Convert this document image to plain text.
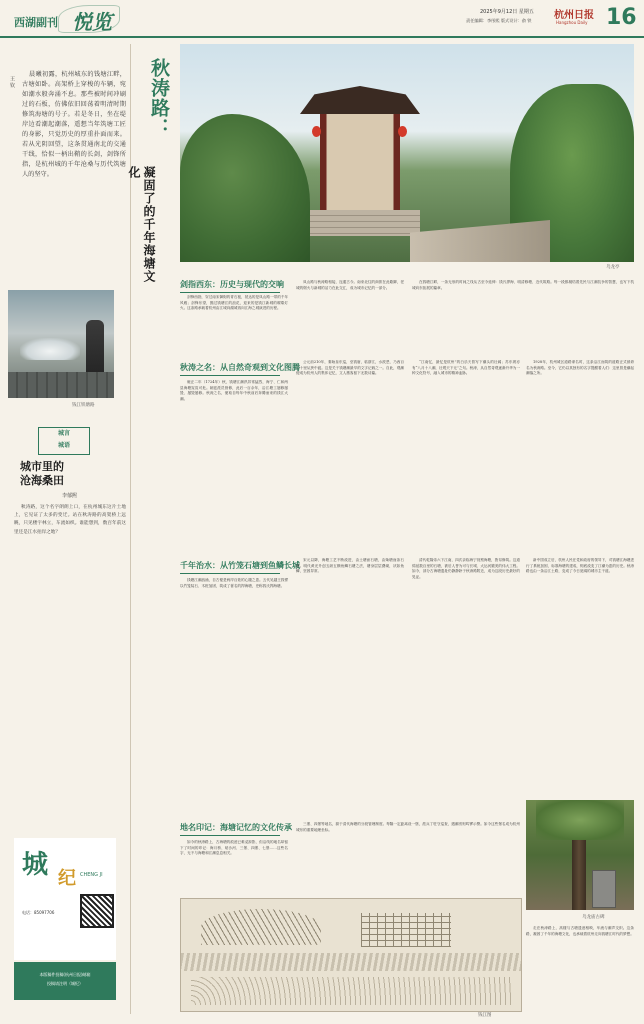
西湖副刊 悦览	2025年9月12日 星期五
责任编辑：李彤熙 版式设计：俞 铁 杭州日报
Hangzhou Daily 16
王 钦

晨曦初露，杭州城东的钱塘江畔，古塘如卧。高架桥上穿梭的车辆，宛如潮水般奔涌不息。那些被时间冲刷过的石板，仿佛依旧回荡着明清时期修筑海塘的号子。若是冬日，坐在堤岸边看潮起潮落，遥想当年筑塘工匠的身影，只觉历史的厚重扑面而来。若从光阴回望，这条贯通南北的交通干线，恰似一柄出鞘的长剑，剑锋所指，是杭州城的千年沧桑与历代筑塘人的坚守。

钱江铁塘路
城言
城语
城市里的
沧海桑田
李郁熙

秋涛路，这个名字朗朗上口，在杭州城东这片土地上，它见证了太多的变迁。站在秋涛路的高架桥上远眺，只见楼宇林立，车流如织。谁能想到，数百年前这里还是江水拍岸之地？

城 纪 CHENG JI
电话：85097706
本版稿件投稿(杭州日报)邮箱
投稿请注明（城纪）
秋涛路：
凝固了的千年海塘文化
乌龙亭
剑指西东：历史与现代的交响

剑锋西指，穿过南宋御街的青石板，抵达的是凤山路一带的千年风雅；剑锋东望，拂过钱塘江的浪花，迎来的是钱江新城的璀璨灯火。这条路承载着杭州由江城向湖城再向江海之城演进的历程。

凤山路与秋涛路相接，连通古今。南来北往的商旅在此歇脚，老城的烟火与新城的活力在此交汇，成为城市记忆的一部分。

在钱塘江畔，一条无形的时间之线从古至今延伸：钱氏捍海、明清修塘、近代筑路。每一段都凝结着先民与江潮抗争的智慧，也写下杭城向东拓展的篇章。

秋涛之名：从自然奇观到文化图腾

雍正二年（1724年）秋，钱塘江潮汛异常猛烈，海宁、仁和两县海塘岌岌可危。朝廷派员督修，此后一百余年，沿江塘工屡修屡毁、屡毁屡修。秋涛之名，便取自每年中秋前后奔腾而来的钱江大潮。

公元前210年，秦始皇东巡，至钱唐，临浙江，水波恶，乃西百二十里从狭中渡。这是关于钱塘潮最早的文字记载之一。自此，观潮便成为杭州人的集体记忆，文人墨客留下无数诗篇。

“江南忆，最忆是杭州”的白乐天曾写下潮头的壮阔；苏东坡亦有“八月十八潮，壮观天下无”之句。秋涛，从自然奇观逐渐升华为一种文化符号，融入城市的精神血脉。

1928年，杭州城区道路命名时，这条沿江而筑的道路正式被命名为秋涛路。至今，它仍以其独有的名字提醒着人们：这里曾是潮起潮落之所。

千年治水：从竹笼石塘到鱼鳞长城

钱塘江潮汹涌，自古便是两岸百姓的心腹之患。五代吴越王钱镠以竹笼装石、木桩加固，筑成了著名的捍海塘，史称钱氏捍海塘。

宋元以降，海塘工艺不断改进，由土塘而石塘，由柴塘而条石塘。明代黄光升创五纵五横鱼鳞石塘之法，塘身层层叠砌，状如鱼鳞，坚固异常。

清代乾隆帝六下江南，四次亲临海宁视察海塘，拨帑修筑。这道绵延数百里的石塘，被后人誉为可与长城、大运河媲美的伟大工程。如今，部分古海塘遗址仍静静卧于秋涛路附近，成为这段历史最好的见证。

新中国成立后，杭州人民在党和政府的领导下，对钱塘江海塘进行了系统加固，标准海塘的建成，彻底改变了江潮为患的历史。秋涛路也由一条沿江土路，变成了今日宽阔的城市主干道。

乌龙庙古碑
地名印记：海塘记忆的文化传承

如今的秋涛路上，古海塘的痕迹已难觅踪影，但沿线的地名却留下了时间的印记：海月桥、贴沙河、三堡、四堡、七堡……这些名字，无不与海塘和江潮息息相关。

三堡、四堡等地名，源于清代海塘的分段管理制度。每隔一定距离设一堡，派兵丁驻守巡查，遇潮汛则鸣锣示警。如今这些堡名成为杭州城东的重要地理坐标。

走在秋涛路上，高楼与古塘遗迹相映，车流与潮声交织。这条路，凝固了千年的海塘文化，也承载着杭州走向钱塘江时代的梦想。

钱江图
